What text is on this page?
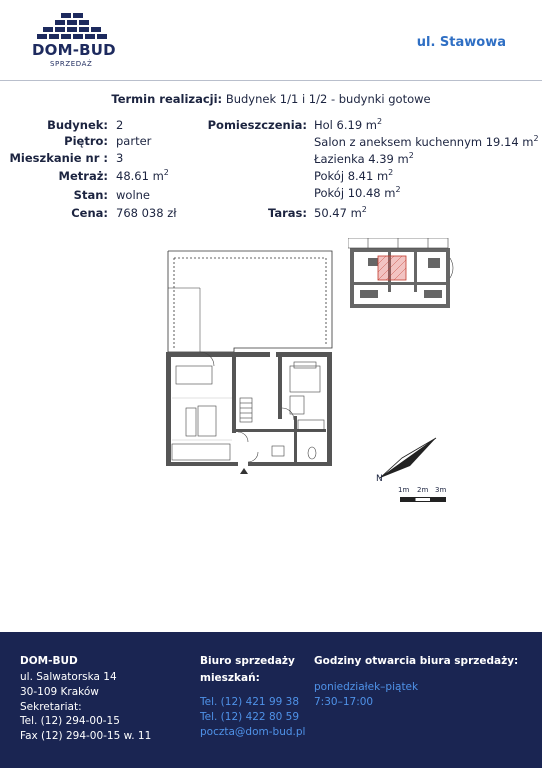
DOM-BUD
SPRZEDAŻ
ul. Stawowa
Termin realizacji: Budynek 1/1 i 1/2 - budynki gotowe
Budynek: 2
Piętro: parter
Mieszkanie nr : 3
Metraż: 48.61 $m^2$
Stan: wolne
Cena: 768 038 zł
Pomieszczenia: Hol 6.19 $m^2$
Salon z aneksem kuchennym 19.14 $m^2$
Łazienka 4.39 $m^2$
Pokój 8.41 $m^2$
Pokój 10.48 $m^2$
Taras: 50.47 $m^2$
N
1m 2m 3m
DOM-BUD
ul. Salwatorska 14
30-109 Kraków
Sekretariat:
Tel. (12) 294-00-15
Fax (12) 294-00-15 w. 11
Biuro sprzedaży
mieszkań:
Tel. (12) 421 99 38
Tel. (12) 422 80 59
poczta@dom-bud.pl
Godziny otwarcia biura sprzedaży:
poniedziałek–piątek
7:30–17:00
